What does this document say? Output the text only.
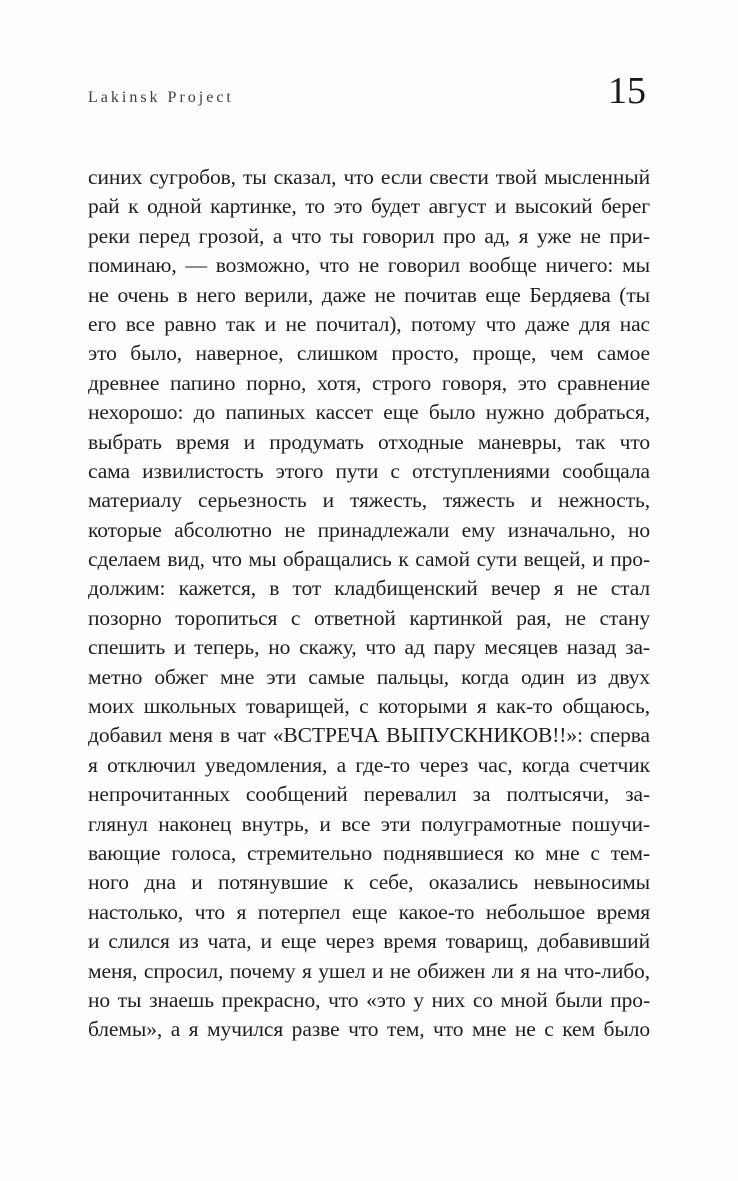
Lakinsk Project	15
синих сугробов, ты сказал, что если свести твой мысленный
рай к одной картинке, то это будет август и высокий берег
реки перед грозой, а что ты говорил про ад, я уже не при-
поминаю, — возможно, что не говорил вообще ничего: мы
не очень в него верили, даже не почитав еще Бердяева (ты
его все равно так и не почитал), потому что даже для нас
это было, наверное, слишком просто, проще, чем самое
древнее папино порно, хотя, строго говоря, это сравнение
нехорошо: до папиных кассет еще было нужно добраться,
выбрать время и продумать отходные маневры, так что
сама извилистость этого пути с отступлениями сообщала
материалу серьезность и тяжесть, тяжесть и нежность,
которые абсолютно не принадлежали ему изначально, но
сделаем вид, что мы обращались к самой сути вещей, и про-
должим: кажется, в тот кладбищенский вечер я не стал
позорно торопиться с ответной картинкой рая, не стану
спешить и теперь, но скажу, что ад пару месяцев назад за-
метно обжег мне эти самые пальцы, когда один из двух
моих школьных товарищей, с которыми я как-то общаюсь,
добавил меня в чат «ВСТРЕЧА ВЫПУСКНИКОВ!!»: сперва
я отключил уведомления, а где-то через час, когда счетчик
непрочитанных сообщений перевалил за полтысячи, за-
глянул наконец внутрь, и все эти полуграмотные пошучи-
вающие голоса, стремительно поднявшиеся ко мне с тем-
ного дна и потянувшие к себе, оказались невыносимы
настолько, что я потерпел еще какое-то небольшое время
и слился из чата, и еще через время товарищ, добавивший
меня, спросил, почему я ушел и не обижен ли я на что-либо,
но ты знаешь прекрасно, что «это у них со мной были про-
блемы», а я мучился разве что тем, что мне не с кем было
